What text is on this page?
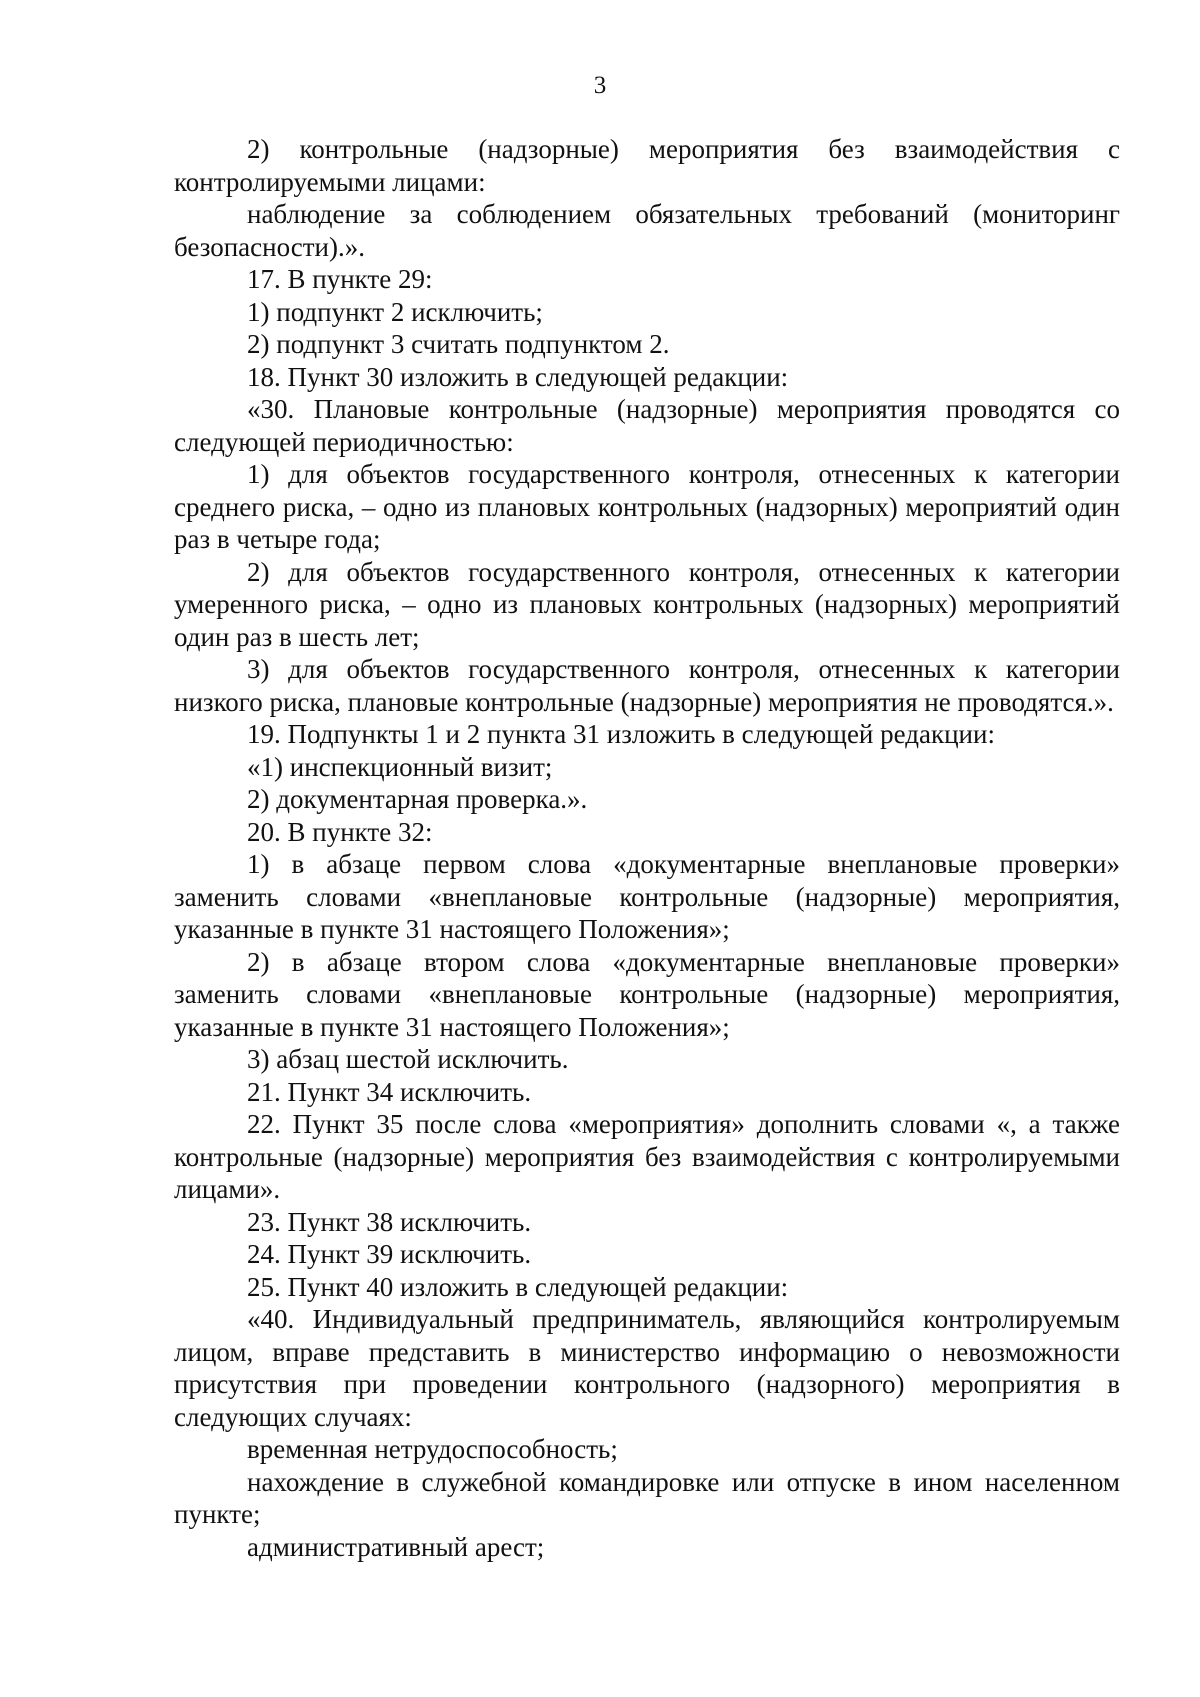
3

2) контрольные (надзорные) мероприятия без взаимодействия с контролируемыми лицами:

наблюдение за соблюдением обязательных требований (мониторинг безопасности).».

17. В пункте 29:

1) подпункт 2 исключить;

2) подпункт 3 считать подпунктом 2.

18. Пункт 30 изложить в следующей редакции:

«30. Плановые контрольные (надзорные) мероприятия проводятся со следующей периодичностью:

1) для объектов государственного контроля, отнесенных к категории среднего риска, – одно из плановых контрольных (надзорных) мероприятий один раз в четыре года;

2) для объектов государственного контроля, отнесенных к категории умеренного риска, – одно из плановых контрольных (надзорных) мероприятий один раз в шесть лет;

3) для объектов государственного контроля, отнесенных к категории низкого риска, плановые контрольные (надзорные) мероприятия не проводятся.».

19. Подпункты 1 и 2 пункта 31 изложить в следующей редакции:

«1) инспекционный визит;

2) документарная проверка.».

20. В пункте 32:

1) в абзаце первом слова «документарные внеплановые проверки» заменить словами «внеплановые контрольные (надзорные) мероприятия, указанные в пункте 31 настоящего Положения»;

2) в абзаце втором слова «документарные внеплановые проверки» заменить словами «внеплановые контрольные (надзорные) мероприятия, указанные в пункте 31 настоящего Положения»;

3) абзац шестой исключить.

21. Пункт 34 исключить.

22. Пункт 35 после слова «мероприятия» дополнить словами «, а также контрольные (надзорные) мероприятия без взаимодействия с контролируемыми лицами».

23. Пункт 38 исключить.

24. Пункт 39 исключить.

25. Пункт 40 изложить в следующей редакции:

«40. Индивидуальный предприниматель, являющийся контролируемым лицом, вправе представить в министерство информацию о невозможности присутствия при проведении контрольного (надзорного) мероприятия в следующих случаях:

временная нетрудоспособность;

нахождение в служебной командировке или отпуске в ином населенном пункте;

административный арест;
